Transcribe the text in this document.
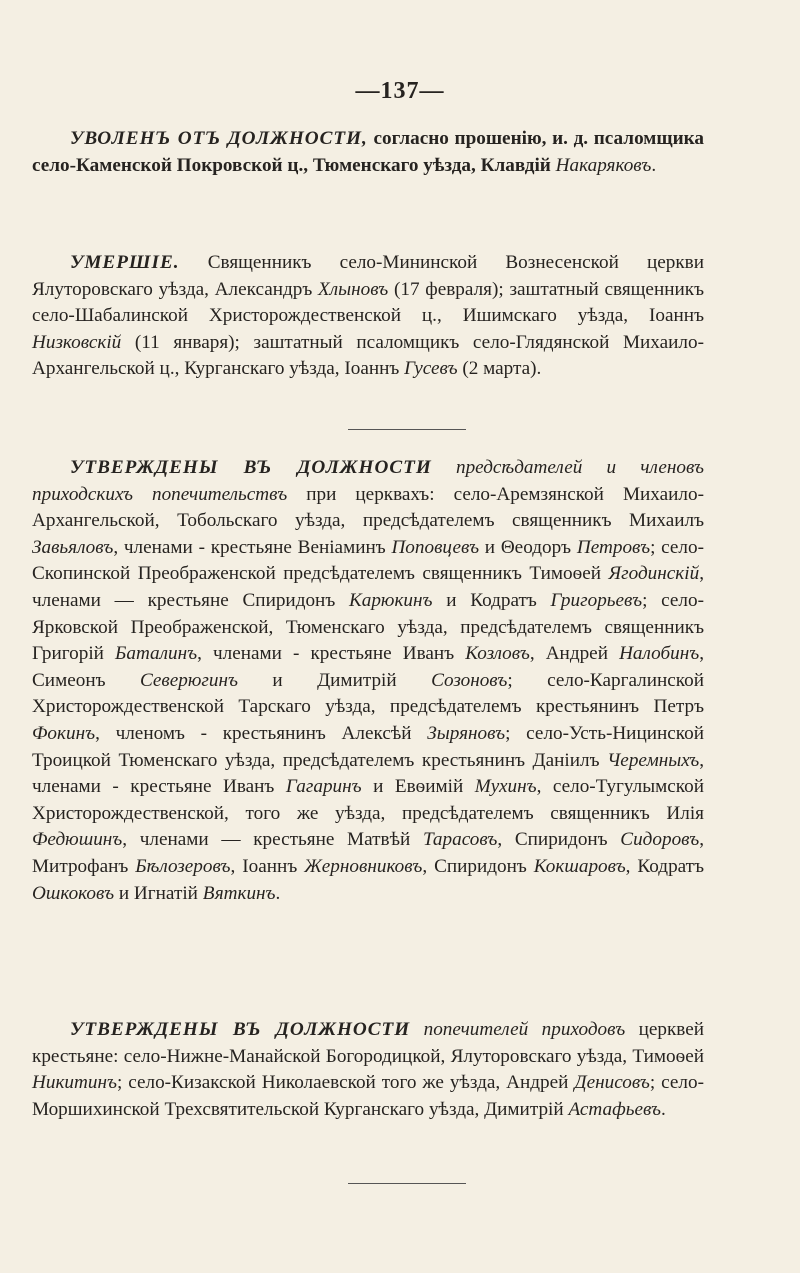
—137—

УВОЛЕНЪ ОТЪ ДОЛЖНОСТИ, согласно прошенію, и. д. псаломщика село-Каменской Покровской ц., Тюменскаго уѣзда, Клавдій Накаряковъ.

УМЕРШІЕ. Священникъ село-Мининской Вознесенской церкви Ялуторовскаго уѣзда, Александръ Хлыновъ (17 февраля); заштатный священникъ село-Шабалинской Христорождественской ц., Ишимскаго уѣзда, Іоаннъ Низковскій (11 января); заштатный псаломщикъ село-Глядянской Михаило-Архангельской ц., Курганскаго уѣзда, Іоаннъ Гусевъ (2 марта).

УТВЕРЖДЕНЫ ВЪ ДОЛЖНОСТИ предсѣдателей и членовъ приходскихъ попечительствъ при церквахъ: село-Аремзянской Михаило-Архангельской, Тобольскаго уѣзда, предсѣдателемъ священникъ Михаилъ Завьяловъ, членами - крестьяне Веніаминъ Поповцевъ и Θеодоръ Петровъ; село-Скопинской Преображенской предсѣдателемъ священникъ Тимоѳей Ягодинскій, членами — крестьяне Спиридонъ Карюкинъ и Кодратъ Григорьевъ; село-Ярковской Преображенской, Тюменскаго уѣзда, предсѣдателемъ священникъ Григорій Баталинъ, членами - крестьяне Иванъ Козловъ, Андрей Налобинъ, Симеонъ Северюгинъ и Димитрій Созоновъ; село-Каргалинской Христорождественской Тарскаго уѣзда, предсѣдателемъ крестьянинъ Петръ Фокинъ, членомъ - крестьянинъ Алексѣй Зыряновъ; село-Усть-Ницинской Троицкой Тюменскаго уѣзда, предсѣдателемъ крестьянинъ Даніилъ Черемныхъ, членами - крестьяне Иванъ Гагаринъ и Евѳимій Мухинъ, село-Тугулымской Христорождественской, того же уѣзда, предсѣдателемъ священникъ Илія Федюшинъ, членами — крестьяне Матвѣй Тарасовъ, Спиридонъ Сидоровъ, Митрофанъ Бѣлозеровъ, Іоаннъ Жерновниковъ, Спиридонъ Кокшаровъ, Кодратъ Ошкоковъ и Игнатій Вяткинъ.

УТВЕРЖДЕНЫ ВЪ ДОЛЖНОСТИ попечителей приходовъ церквей крестьяне: село-Нижне-Манайской Богородицкой, Ялуторовскаго уѣзда, Тимоѳей Никитинъ; село-Кизакской Николаевской того же уѣзда, Андрей Денисовъ; село-Моршихинской Трехсвятительской Курганскаго уѣзда, Димитрій Астафьевъ.
